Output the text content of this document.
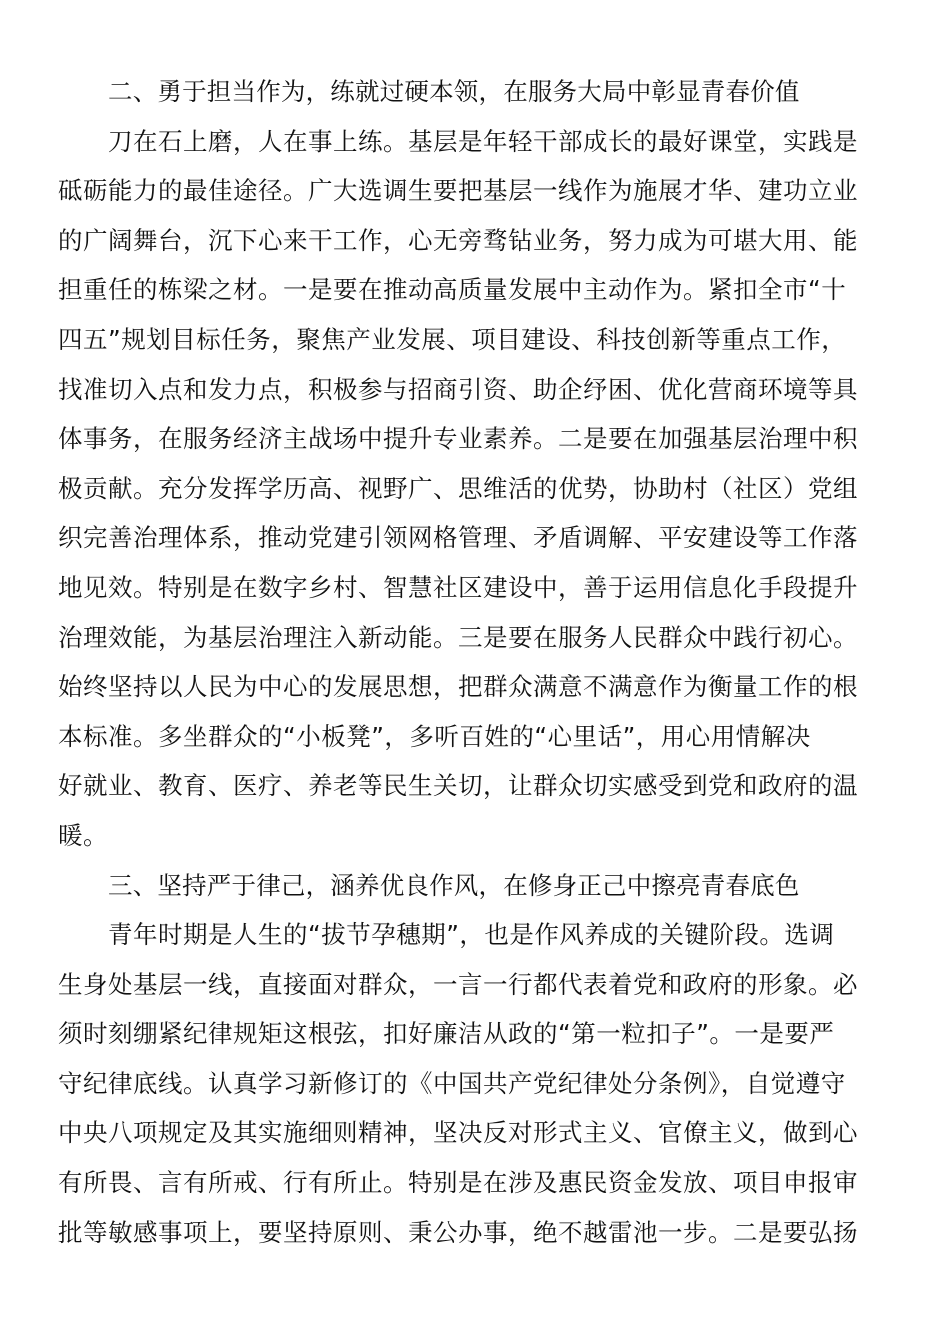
二、勇于担当作为，练就过硬本领，在服务大局中彰显青春价值
刀在石上磨，人在事上练。基层是年轻干部成长的最好课堂，实践是
砥砺能力的最佳途径。广大选调生要把基层一线作为施展才华、建功立业
的广阔舞台，沉下心来干工作，心无旁骛钻业务，努力成为可堪大用、能
担重任的栋梁之材。一是要在推动高质量发展中主动作为。紧扣全市“十
四五”规划目标任务，聚焦产业发展、项目建设、科技创新等重点工作，
找准切入点和发力点，积极参与招商引资、助企纾困、优化营商环境等具
体事务，在服务经济主战场中提升专业素养。二是要在加强基层治理中积
极贡献。充分发挥学历高、视野广、思维活的优势，协助村（社区）党组
织完善治理体系，推动党建引领网格管理、矛盾调解、平安建设等工作落
地见效。特别是在数字乡村、智慧社区建设中，善于运用信息化手段提升
治理效能，为基层治理注入新动能。三是要在服务人民群众中践行初心。
始终坚持以人民为中心的发展思想，把群众满意不满意作为衡量工作的根
本标准。多坐群众的“小板凳”，多听百姓的“心里话”，用心用情解决
好就业、教育、医疗、养老等民生关切，让群众切实感受到党和政府的温
暖。
三、坚持严于律己，涵养优良作风，在修身正己中擦亮青春底色
青年时期是人生的“拔节孕穗期”，也是作风养成的关键阶段。选调
生身处基层一线，直接面对群众，一言一行都代表着党和政府的形象。必
须时刻绷紧纪律规矩这根弦，扣好廉洁从政的“第一粒扣子”。一是要严
守纪律底线。认真学习新修订的《中国共产党纪律处分条例》，自觉遵守
中央八项规定及其实施细则精神，坚决反对形式主义、官僚主义，做到心
有所畏、言有所戒、行有所止。特别是在涉及惠民资金发放、项目申报审
批等敏感事项上，要坚持原则、秉公办事，绝不越雷池一步。二是要弘扬
